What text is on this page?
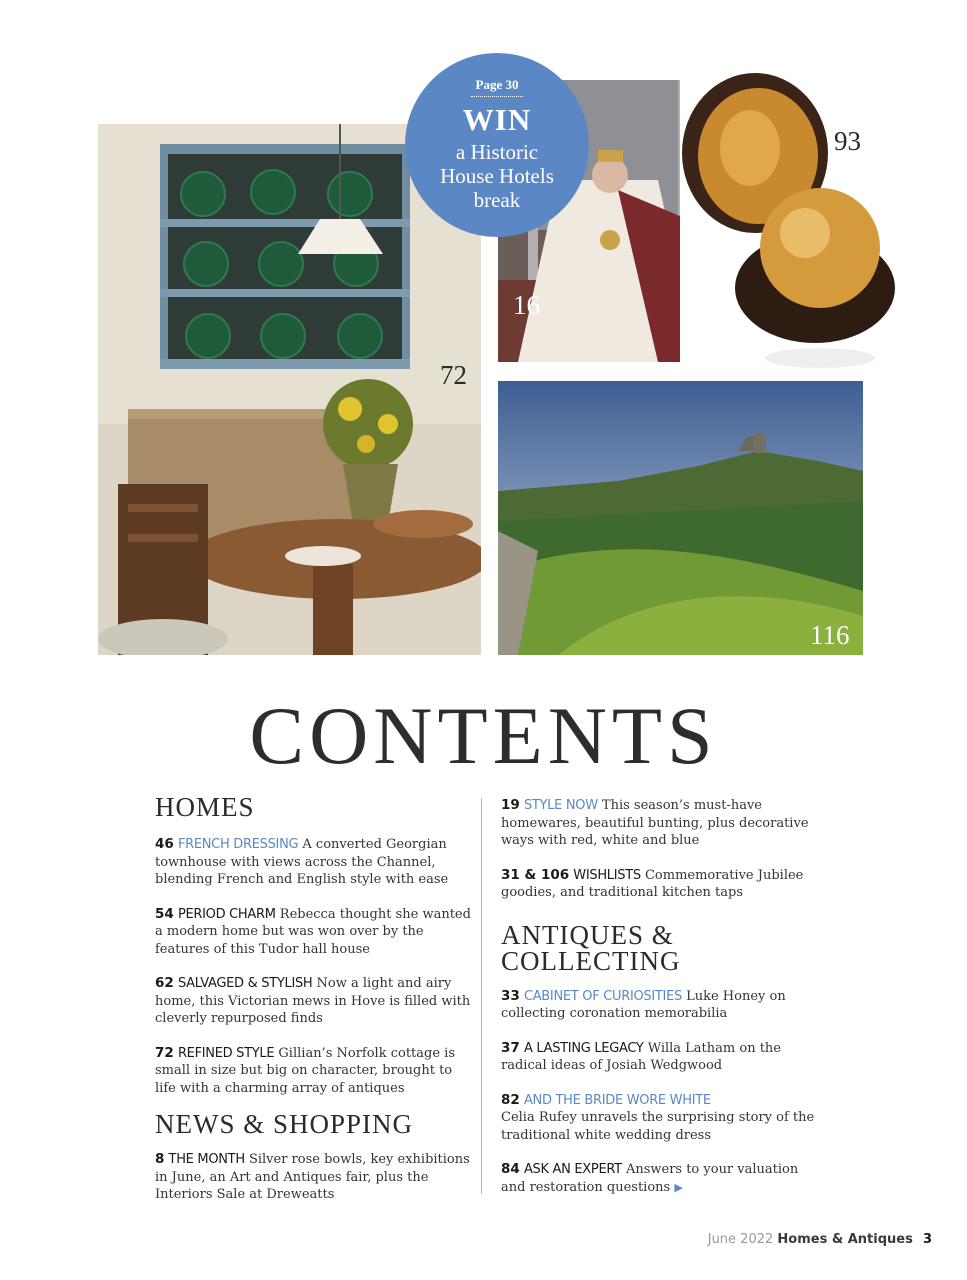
72
16
93
116
Page 30
WIN
a Historic
House Hotels
break
CONTENTS
HOMES

46 FRENCH DRESSING A converted Georgian townhouse with views across the Channel, blending French and English style with ease

54 PERIOD CHARM Rebecca thought she wanted a modern home but was won over by the features of this Tudor hall house

62 SALVAGED & STYLISH Now a light and airy home, this Victorian mews in Hove is filled with cleverly repurposed finds

72 REFINED STYLE Gillian’s Norfolk cottage is small in size but big on character, brought to life with a charming array of antiques

NEWS & SHOPPING

8 THE MONTH Silver rose bowls, key exhibitions in June, an Art and Antiques fair, plus the Interiors Sale at Dreweatts

19 STYLE NOW This season’s must-have homewares, beautiful bunting, plus decorative ways with red, white and blue

31 & 106 WISHLISTS Commemorative Jubilee goodies, and traditional kitchen taps

ANTIQUES &
COLLECTING

33 CABINET OF CURIOSITIES Luke Honey on collecting coronation memorabilia

37 A LASTING LEGACY Willa Latham on the radical ideas of Josiah Wedgwood

82 AND THE BRIDE WORE WHITE
Celia Rufey unravels the surprising story of the traditional white wedding dress

84 ASK AN EXPERT Answers to your valuation and restoration questions ▶

June 2022 Homes & Antiques 3
